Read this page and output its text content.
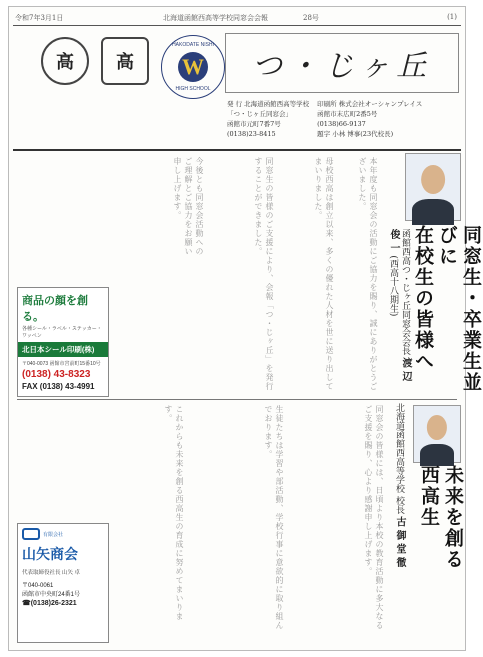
令和7年3月1日	北海道函館西高等学校同窓会会報	28号	(1)
高 高
HAKODATE NISHI
W
HIGH SCHOOL
つ・じヶ丘
発 行 北海道函館西高等学校
「つ・じヶ丘同窓会」
函館市元町7番7号
(0138)23-8415
印刷所 株式会社オーシャンプレイス
函館市末広町2番5号
(0138)66-9137
題字 小林 博事(23代校長)
同窓生・卒業生並びに
在校生の皆様へ
函館西高つ・じヶ丘同窓会会長 渡 辺 俊 一 (西高十八期生)
本年度も同窓会の活動にご協力を賜り、誠にありがとうございました。
母校西高は創立以来、多くの優れた人材を世に送り出してまいりました。
同窓生の皆様のご支援により、会報「つ・じヶ丘」を発行することができました。
今後とも同窓会活動へのご理解とご協力をお願い申し上げます。
商品の顔を創る。
各種シール・ラベル・ステッカー・ワッペン
北日本シール印刷(株)
〒040-0073 函館市宮前町15番10号
(0138) 43-8323
FAX (0138) 43-4991
未来を創る西高生
北海道函館西高等学校 校長 古 御 堂 徹
同窓会の皆様には、日頃より本校の教育活動に多大なるご支援を賜り、心より感謝申し上げます。
生徒たちは学習や部活動、学校行事に意欲的に取り組んでおります。
これからも未来を創る西高生の育成に努めてまいります。
有限会社
山矢商会
代表取締役社長 山矢 卓
〒040-0061
函館市中央町24番1号
☎(0138)26-2321
